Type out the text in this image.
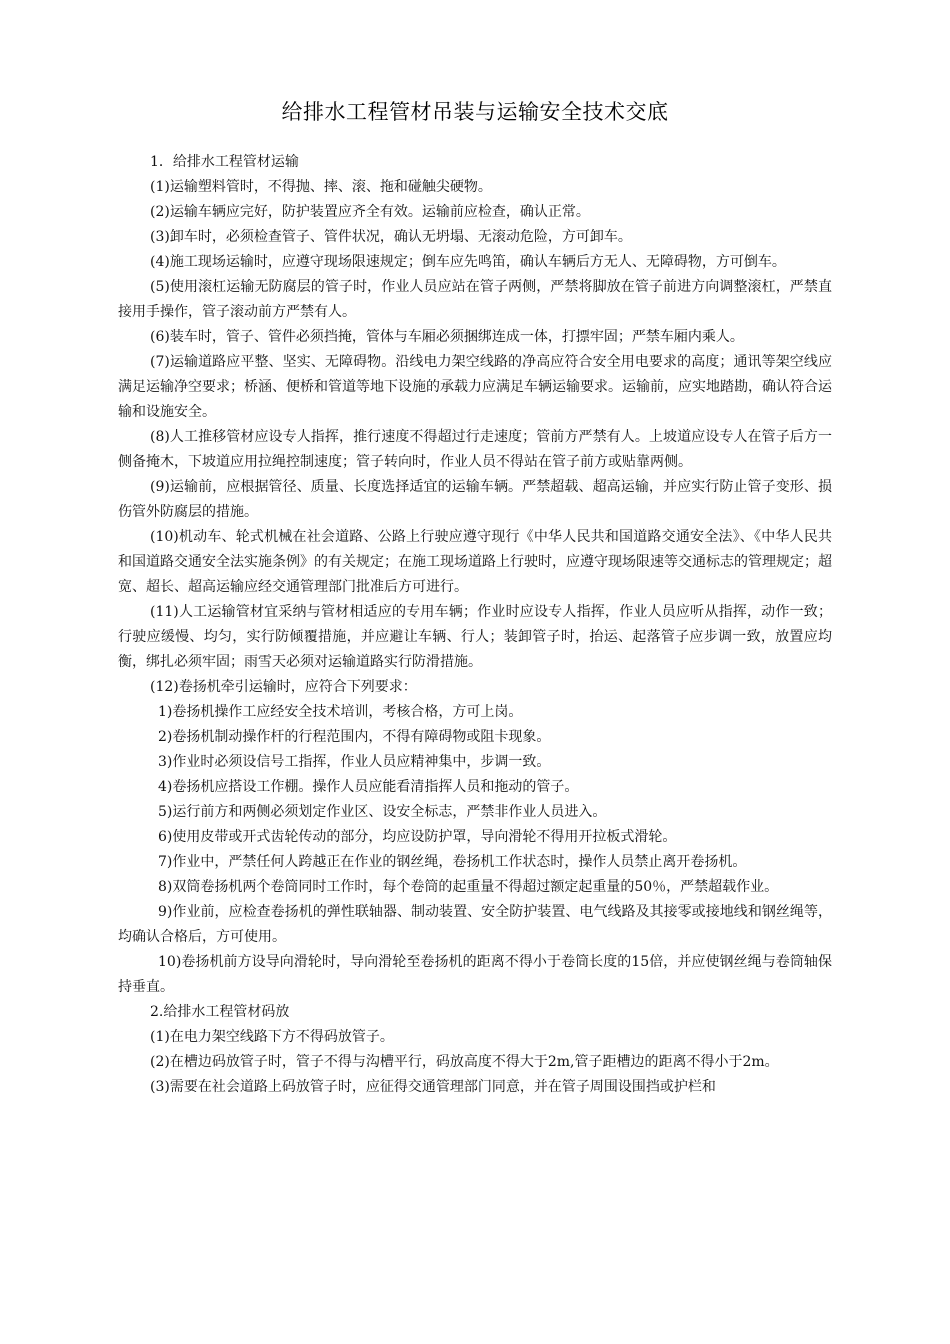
给排水工程管材吊装与运输安全技术交底

1．给排水工程管材运输

(1)运输塑料管时，不得抛、摔、滚、拖和碰触尖硬物。

(2)运输车辆应完好，防护装置应齐全有效。运输前应检查，确认正常。

(3)卸车时，必须检查管子、管件状况，确认无坍塌、无滚动危险，方可卸车。

(4)施工现场运输时，应遵守现场限速规定；倒车应先鸣笛，确认车辆后方无人、无障碍物，方可倒车。

(5)使用滚杠运输无防腐层的管子时，作业人员应站在管子两侧，严禁将脚放在管子前进方向调整滚杠，严禁直接用手操作，管子滚动前方严禁有人。

(6)装车时，管子、管件必须挡掩，管体与车厢必须捆绑连成一体，打摽牢固；严禁车厢内乘人。

(7)运输道路应平整、坚实、无障碍物。沿线电力架空线路的净高应符合安全用电要求的高度；通讯等架空线应满足运输净空要求；桥涵、便桥和管道等地下设施的承载力应满足车辆运输要求。运输前，应实地踏勘，确认符合运输和设施安全。

(8)人工推移管材应设专人指挥，推行速度不得超过行走速度；管前方严禁有人。上坡道应设专人在管子后方一侧备掩木，下坡道应用拉绳控制速度；管子转向时，作业人员不得站在管子前方或贴靠两侧。

(9)运输前，应根据管径、质量、长度选择适宜的运输车辆。严禁超载、超高运输，并应实行防止管子变形、损伤管外防腐层的措施。

(10)机动车、轮式机械在社会道路、公路上行驶应遵守现行《中华人民共和国道路交通安全法》、《中华人民共和国道路交通安全法实施条例》的有关规定；在施工现场道路上行驶时，应遵守现场限速等交通标志的管理规定；超宽、超长、超高运输应经交通管理部门批准后方可进行。

(11)人工运输管材宜采纳与管材相适应的专用车辆；作业时应设专人指挥，作业人员应听从指挥，动作一致；行驶应缓慢、均匀，实行防倾覆措施，并应避让车辆、行人；装卸管子时，抬运、起落管子应步调一致，放置应均衡，绑扎必须牢固；雨雪天必须对运输道路实行防滑措施。

(12)卷扬机牵引运输时，应符合下列要求：

1)卷扬机操作工应经安全技术培训，考核合格，方可上岗。

2)卷扬机制动操作杆的行程范围内，不得有障碍物或阻卡现象。

3)作业时必须设信号工指挥，作业人员应精神集中，步调一致。

4)卷扬机应搭设工作棚。操作人员应能看清指挥人员和拖动的管子。

5)运行前方和两侧必须划定作业区、设安全标志，严禁非作业人员进入。

6)使用皮带或开式齿轮传动的部分，均应设防护罩，导向滑轮不得用开拉板式滑轮。

7)作业中，严禁任何人跨越正在作业的钢丝绳，卷扬机工作状态时，操作人员禁止离开卷扬机。

8)双筒卷扬机两个卷筒同时工作时，每个卷筒的起重量不得超过额定起重量的50％，严禁超载作业。

9)作业前，应检查卷扬机的弹性联轴器、制动装置、安全防护装置、电气线路及其接零或接地线和钢丝绳等，均确认合格后，方可使用。

10)卷扬机前方设导向滑轮时，导向滑轮至卷扬机的距离不得小于卷筒长度的15倍，并应使钢丝绳与卷筒轴保持垂直。

2.给排水工程管材码放

(1)在电力架空线路下方不得码放管子。

(2)在槽边码放管子时，管子不得与沟槽平行，码放高度不得大于2m,管子距槽边的距离不得小于2m。

(3)需要在社会道路上码放管子时，应征得交通管理部门同意，并在管子周围设围挡或护栏和
